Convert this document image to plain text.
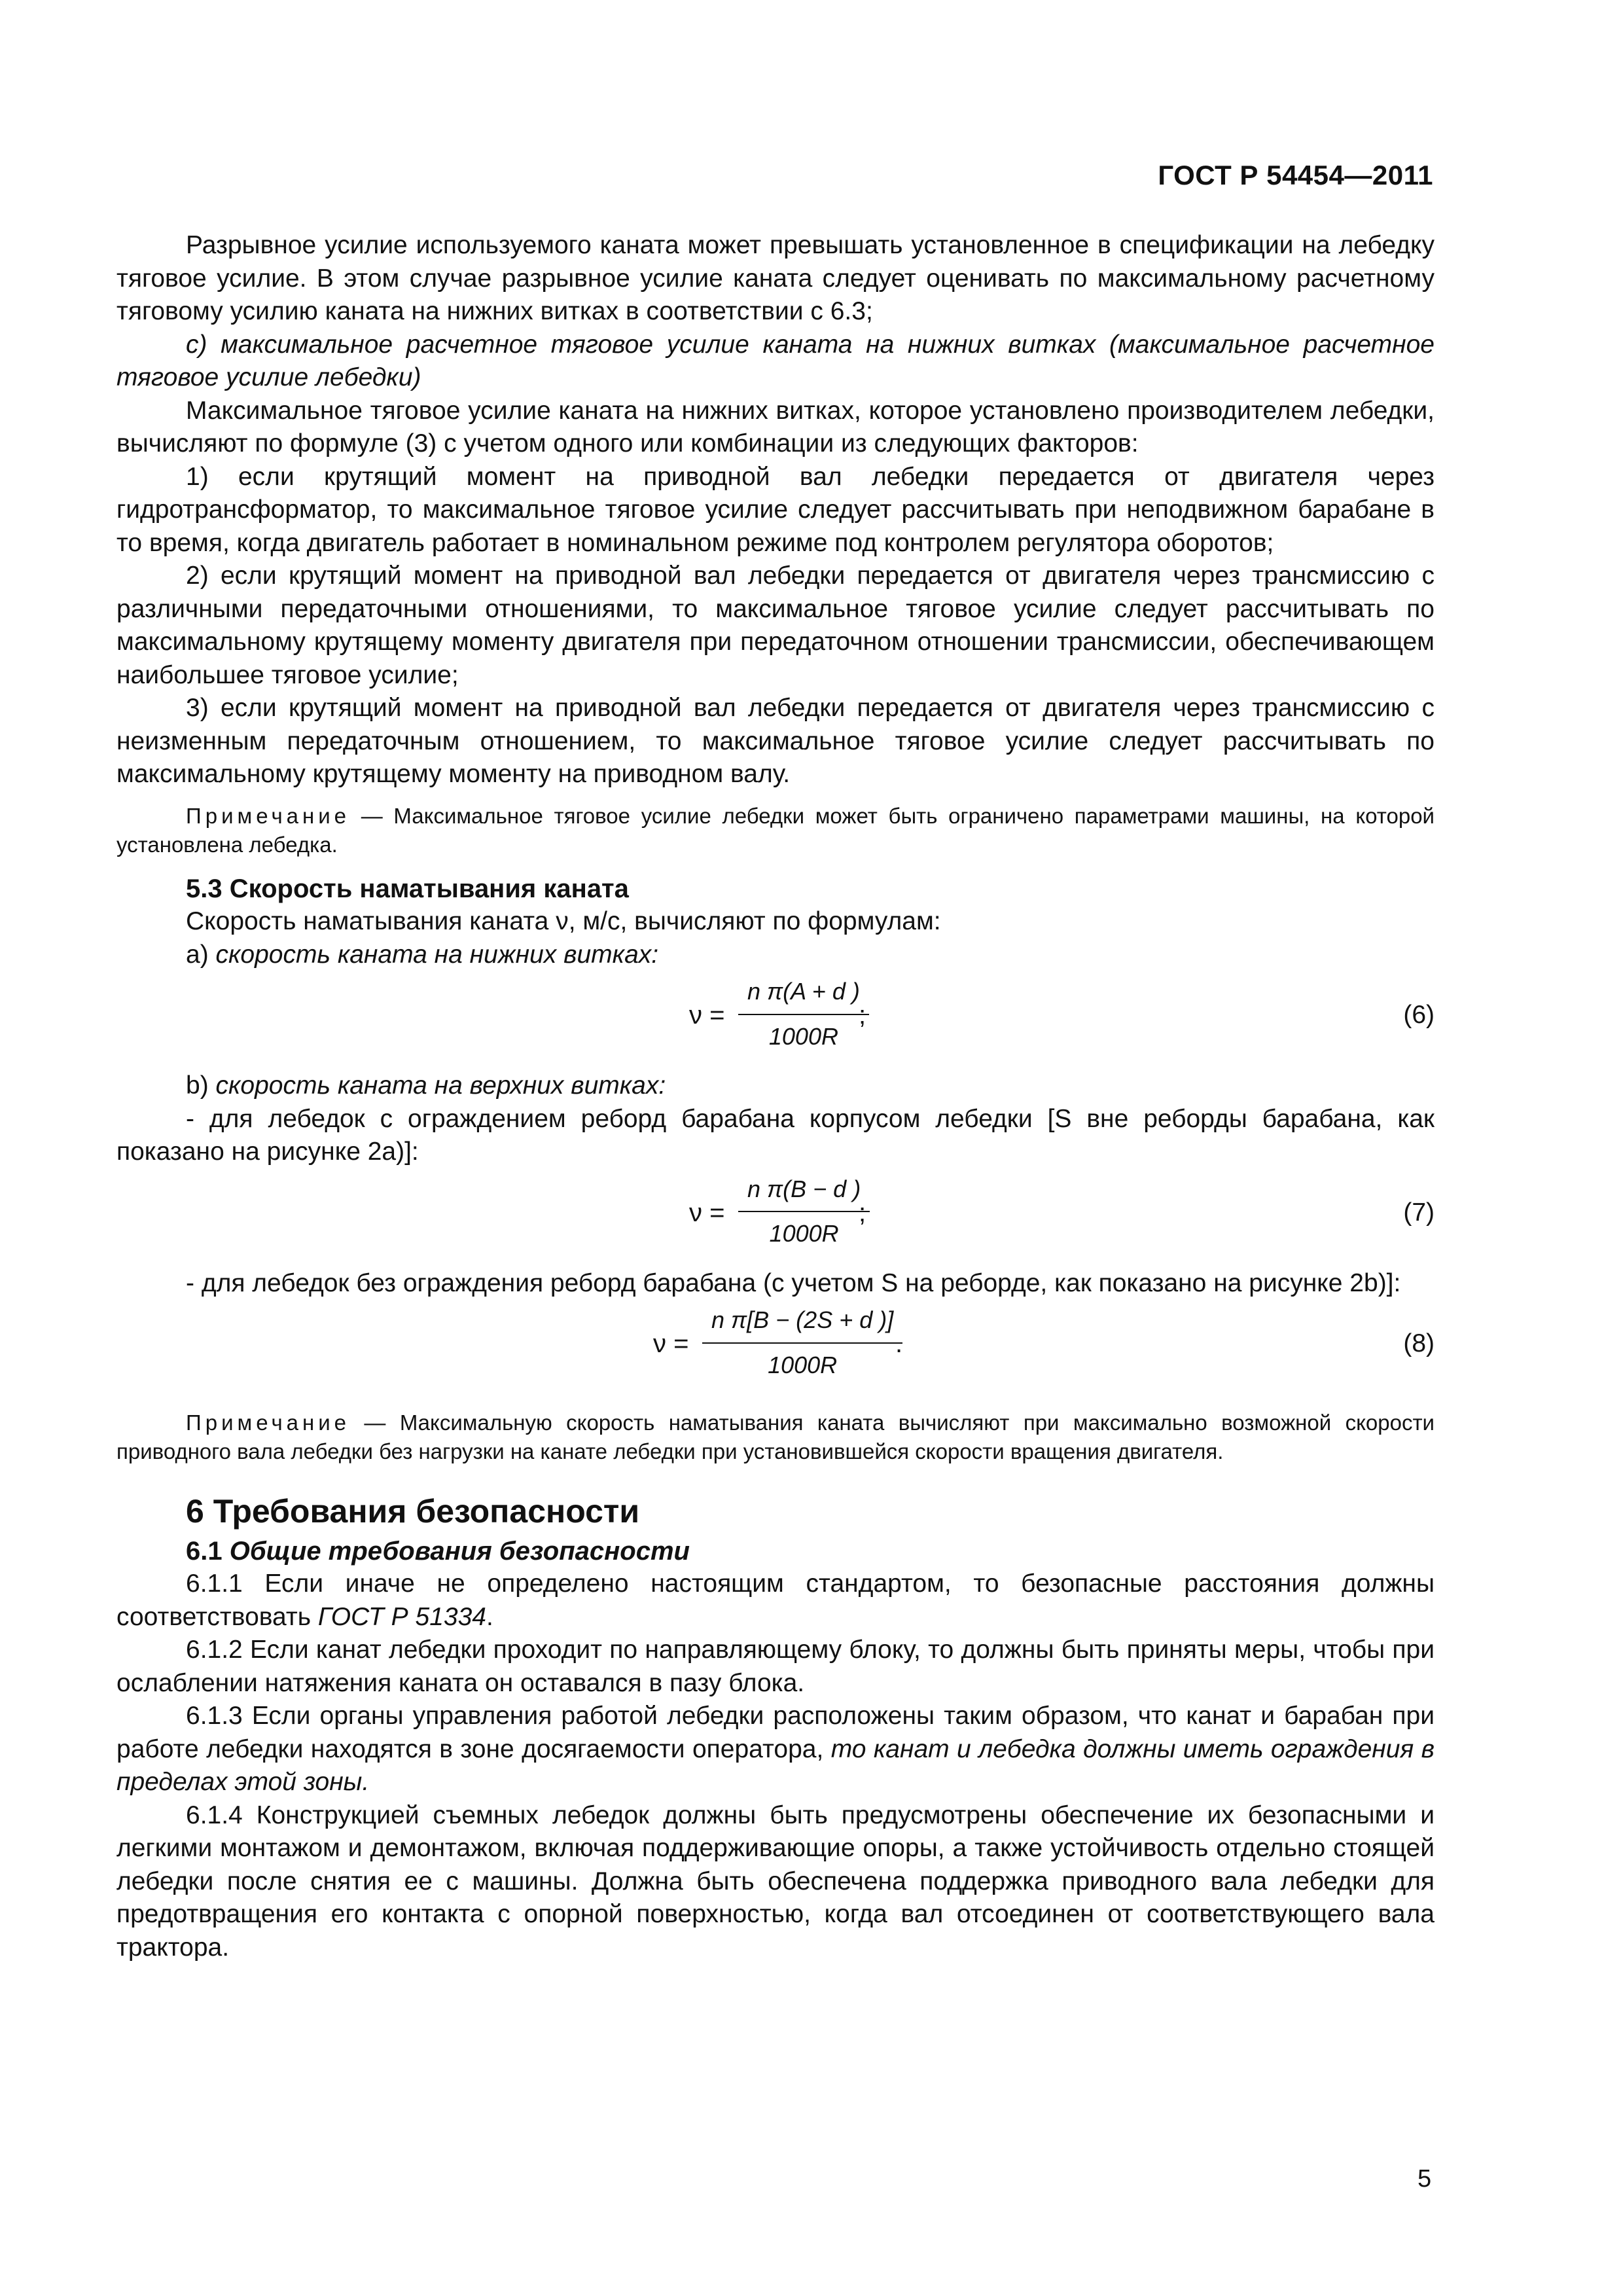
ГОСТ Р 54454—2011

Разрывное усилие используемого каната может превышать установленное в спецификации на лебедку тяговое усилие. В этом случае разрывное усилие каната следует оценивать по максимальному расчетному тяговому усилию каната на нижних витках в соответствии с 6.3;

с) максимальное расчетное тяговое усилие каната на нижних витках (максимальное расчетное тяговое усилие лебедки)

Максимальное тяговое усилие каната на нижних витках, которое установлено производителем лебедки, вычисляют по формуле (3) с учетом одного или комбинации из следующих факторов:

1) если крутящий момент на приводной вал лебедки передается от двигателя через гидротрансформатор, то максимальное тяговое усилие следует рассчитывать при неподвижном барабане в то время, когда двигатель работает в номинальном режиме под контролем регулятора оборотов;

2) если крутящий момент на приводной вал лебедки передается от двигателя через трансмиссию с различными передаточными отношениями, то максимальное тяговое усилие следует рассчитывать по максимальному крутящему моменту двигателя при передаточном отношении трансмиссии, обеспечивающем наибольшее тяговое усилие;

3) если крутящий момент на приводной вал лебедки передается от двигателя через трансмиссию с неизменным передаточным отношением, то максимальное тяговое усилие следует рассчитывать по максимальному крутящему моменту на приводном валу.

Примечание — Максимальное тяговое усилие лебедки может быть ограничено параметрами машины, на которой установлена лебедка.

5.3 Скорость наматывания каната

Скорость наматывания каната ν, м/с, вычисляют по формулам:

а) скорость каната на нижних витках:

$\nu = \frac{\text{n π(A + d )}}{1000R}$
;	(6)

b) скорость каната на верхних витках:

- для лебедок с ограждением реборд барабана корпусом лебедки [S вне реборды барабана, как показано на рисунке 2а)]:

$\nu = \frac{\text{n π(B − d )}}{1000R}$
;	(7)

- для лебедок без ограждения реборд барабана (с учетом S на реборде, как показано на рисунке 2b)]:

$\nu = \frac{\text{n π[B − (2S + d )]}}{1000R}$
.	(8)

Примечание — Максимальную скорость наматывания каната вычисляют при максимально возможной скорости приводного вала лебедки без нагрузки на канате лебедки при установившейся скорости вращения двигателя.

6 Требования безопасности

6.1 Общие требования безопасности

6.1.1 Если иначе не определено настоящим стандартом, то безопасные расстояния должны соответствовать ГОСТ Р 51334.

6.1.2 Если канат лебедки проходит по направляющему блоку, то должны быть приняты меры, чтобы при ослаблении натяжения каната он оставался в пазу блока.

6.1.3 Если органы управления работой лебедки расположены таким образом, что канат и барабан при работе лебедки находятся в зоне досягаемости оператора, то канат и лебедка должны иметь ограждения в пределах этой зоны.

6.1.4 Конструкцией съемных лебедок должны быть предусмотрены обеспечение их безопасными и легкими монтажом и демонтажом, включая поддерживающие опоры, а также устойчивость отдельно стоящей лебедки после снятия ее с машины. Должна быть обеспечена поддержка приводного вала лебедки для предотвращения его контакта с опорной поверхностью, когда вал отсоединен от соответствующего вала трактора.

5
